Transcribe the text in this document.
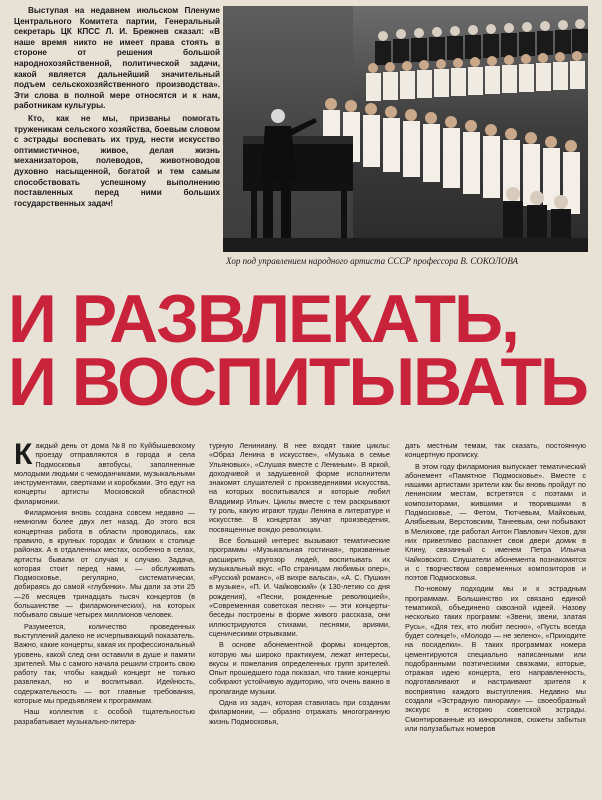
Выступая на недавнем июльском Пленуме Центрального Комитета партии, Генеральный секретарь ЦК КПСС Л. И. Брежнев сказал: «В наше время никто не имеет права стоять в стороне от решения большой народнохозяйственной, политической задачи, какой является дальнейший значительный подъем сельскохозяйственного производства». Эти слова в полной мере относятся и к нам, работникам культуры.

Кто, как не мы, призваны помогать труженикам сельского хозяйства, боевым словом с эстрады воспевать их труд, нести искусство оптимистичное, живое, делая жизнь механизаторов, полеводов, животноводов духовно насыщенной, богатой и тем самым способствовать успешному выполнению поставленных перед ними больших государственных задач!

Хор под управлением народного артиста СССР профессора В. СОКОЛОВА
И РАЗВЛЕКАТЬ,
И ВОСПИТЫВАТЬ

Каждый день от дома №8 по Куйбышевскому проезду отправляются в города и села Подмосковья автобусы, заполненные молодыми людьми с чемоданчиками, музыкальными инструментами, свертками и коробками. Это едут на концерты артисты Московской областной филармонии.

Филармония вновь создана совсем недавно — немногим более двух лет назад. До этого вся концертная работа в области проводилась, как правило, в крупных городах и близких к столице районах. А в отдаленных местах, особенно в селах, артисты бывали от случая к случаю. Задача, которая стоит перед нами, — обслуживать Подмосковье, регулярно, систематически, добираясь до самой «глубинки». Мы дали за эти 25—26 месяцев тринадцать тысяч концертов (в большинстве — филармонических), на которых побывало свыше четырех миллионов человек.

Разумеется, количество проведенных выступлений далеко не исчерпывающий показатель. Важно, какие концерты, какая их профессиональный уровень, какой след они оставили в душе и памяти зрителей. Мы с самого начала решили строить свою работу так, чтобы каждый концерт не только развлекал, но и воспитывал. Идейность, содержательность — вот главные требования, которые мы предъявляем к программам.

Наш коллектив с особой тщательностью разрабатывает музыкально-литера-

турную Лениниану. В нее входят такие циклы: «Образ Ленина в искусстве», «Музыка в семье Ульяновых», «Слушая вместе с Лениным». В яркой, доходчивой и задушевной форме исполнители знакомят слушателей с произведениями искусства, на которых воспитывался и которые любил Владимир Ильич. Циклы вместе с тем раскрывают ту роль, какую играют труды Ленина в литературе и искусстве. В концертах звучат произведения, посвященные вождю революции.

Все больший интерес вызывают тематические программы «Музыкальная гостиная», призванные расширить кругозор людей, воспитывать их музыкальный вкус. «По страницам любимых опер», «Русский романс», «В вихре вальса», «А. С. Пушкин в музыке», «П. И. Чайковский» (к 130-летию со дня рождения), «Песни, рожденные революцией», «Современная советская песня» — эти концерты-беседы построены в форме живого рассказа, они иллюстрируются стихами, песнями, ариями, сценическими отрывками.

В основе абонементной формы концертов, которую мы широко практикуем, лежат интересы, вкусы и пожелания определенных групп зрителей. Опыт прошедшего года показал, что такие концерты собирают устойчивую аудиторию, что очень важно в пропаганде музыки.

Одна из задач, которая ставилась при создании филармонии, — образно отражать многогранную жизнь Подмосковья,

дать местным темам, так сказать, постоянную концертную прописку.

В этом году филармония выпускает тематический абонемент «Памятное Подмосковье». Вместе с нашими артистами зрители как бы вновь пройдут по ленинским местам, встретятся с поэтами и композиторами, жившими и творившими в Подмосковье, — Фетом, Тютчевым, Майковым, Алябьевым, Верстовским, Танеевым, они побывают в Мелихове, где работал Антон Павлович Чехов, для них приветливо распахнет свои двери домик в Клину, связанный с именем Петра Ильича Чайковского. Слушатели абонемента познакомятся и с творчеством современных композиторов и поэтов Подмосковья.

По-новому подходим мы и к эстрадным программам. Большинство их связано единой тематикой, объединено сквозной идеей. Назову несколько таких программ: «Звени, звени, златая Русь», «Для тех, кто любит песню», «Пусть всегда будет солнце!», «Молодо — не зелено», «Приходите на посиделки». В таких программах номера цементируются специально написанными или подобранными поэтическими связками, которые, отражая идею концерта, его направленность, подготавливают и настраивают зрителя к восприятию каждого выступления. Недавно мы создали «Эстрадную панораму» — своеобразный экскурс в историю советской эстрады. Смонтированные из кинороликов, сюжеты забытых или полузабытых номеров
